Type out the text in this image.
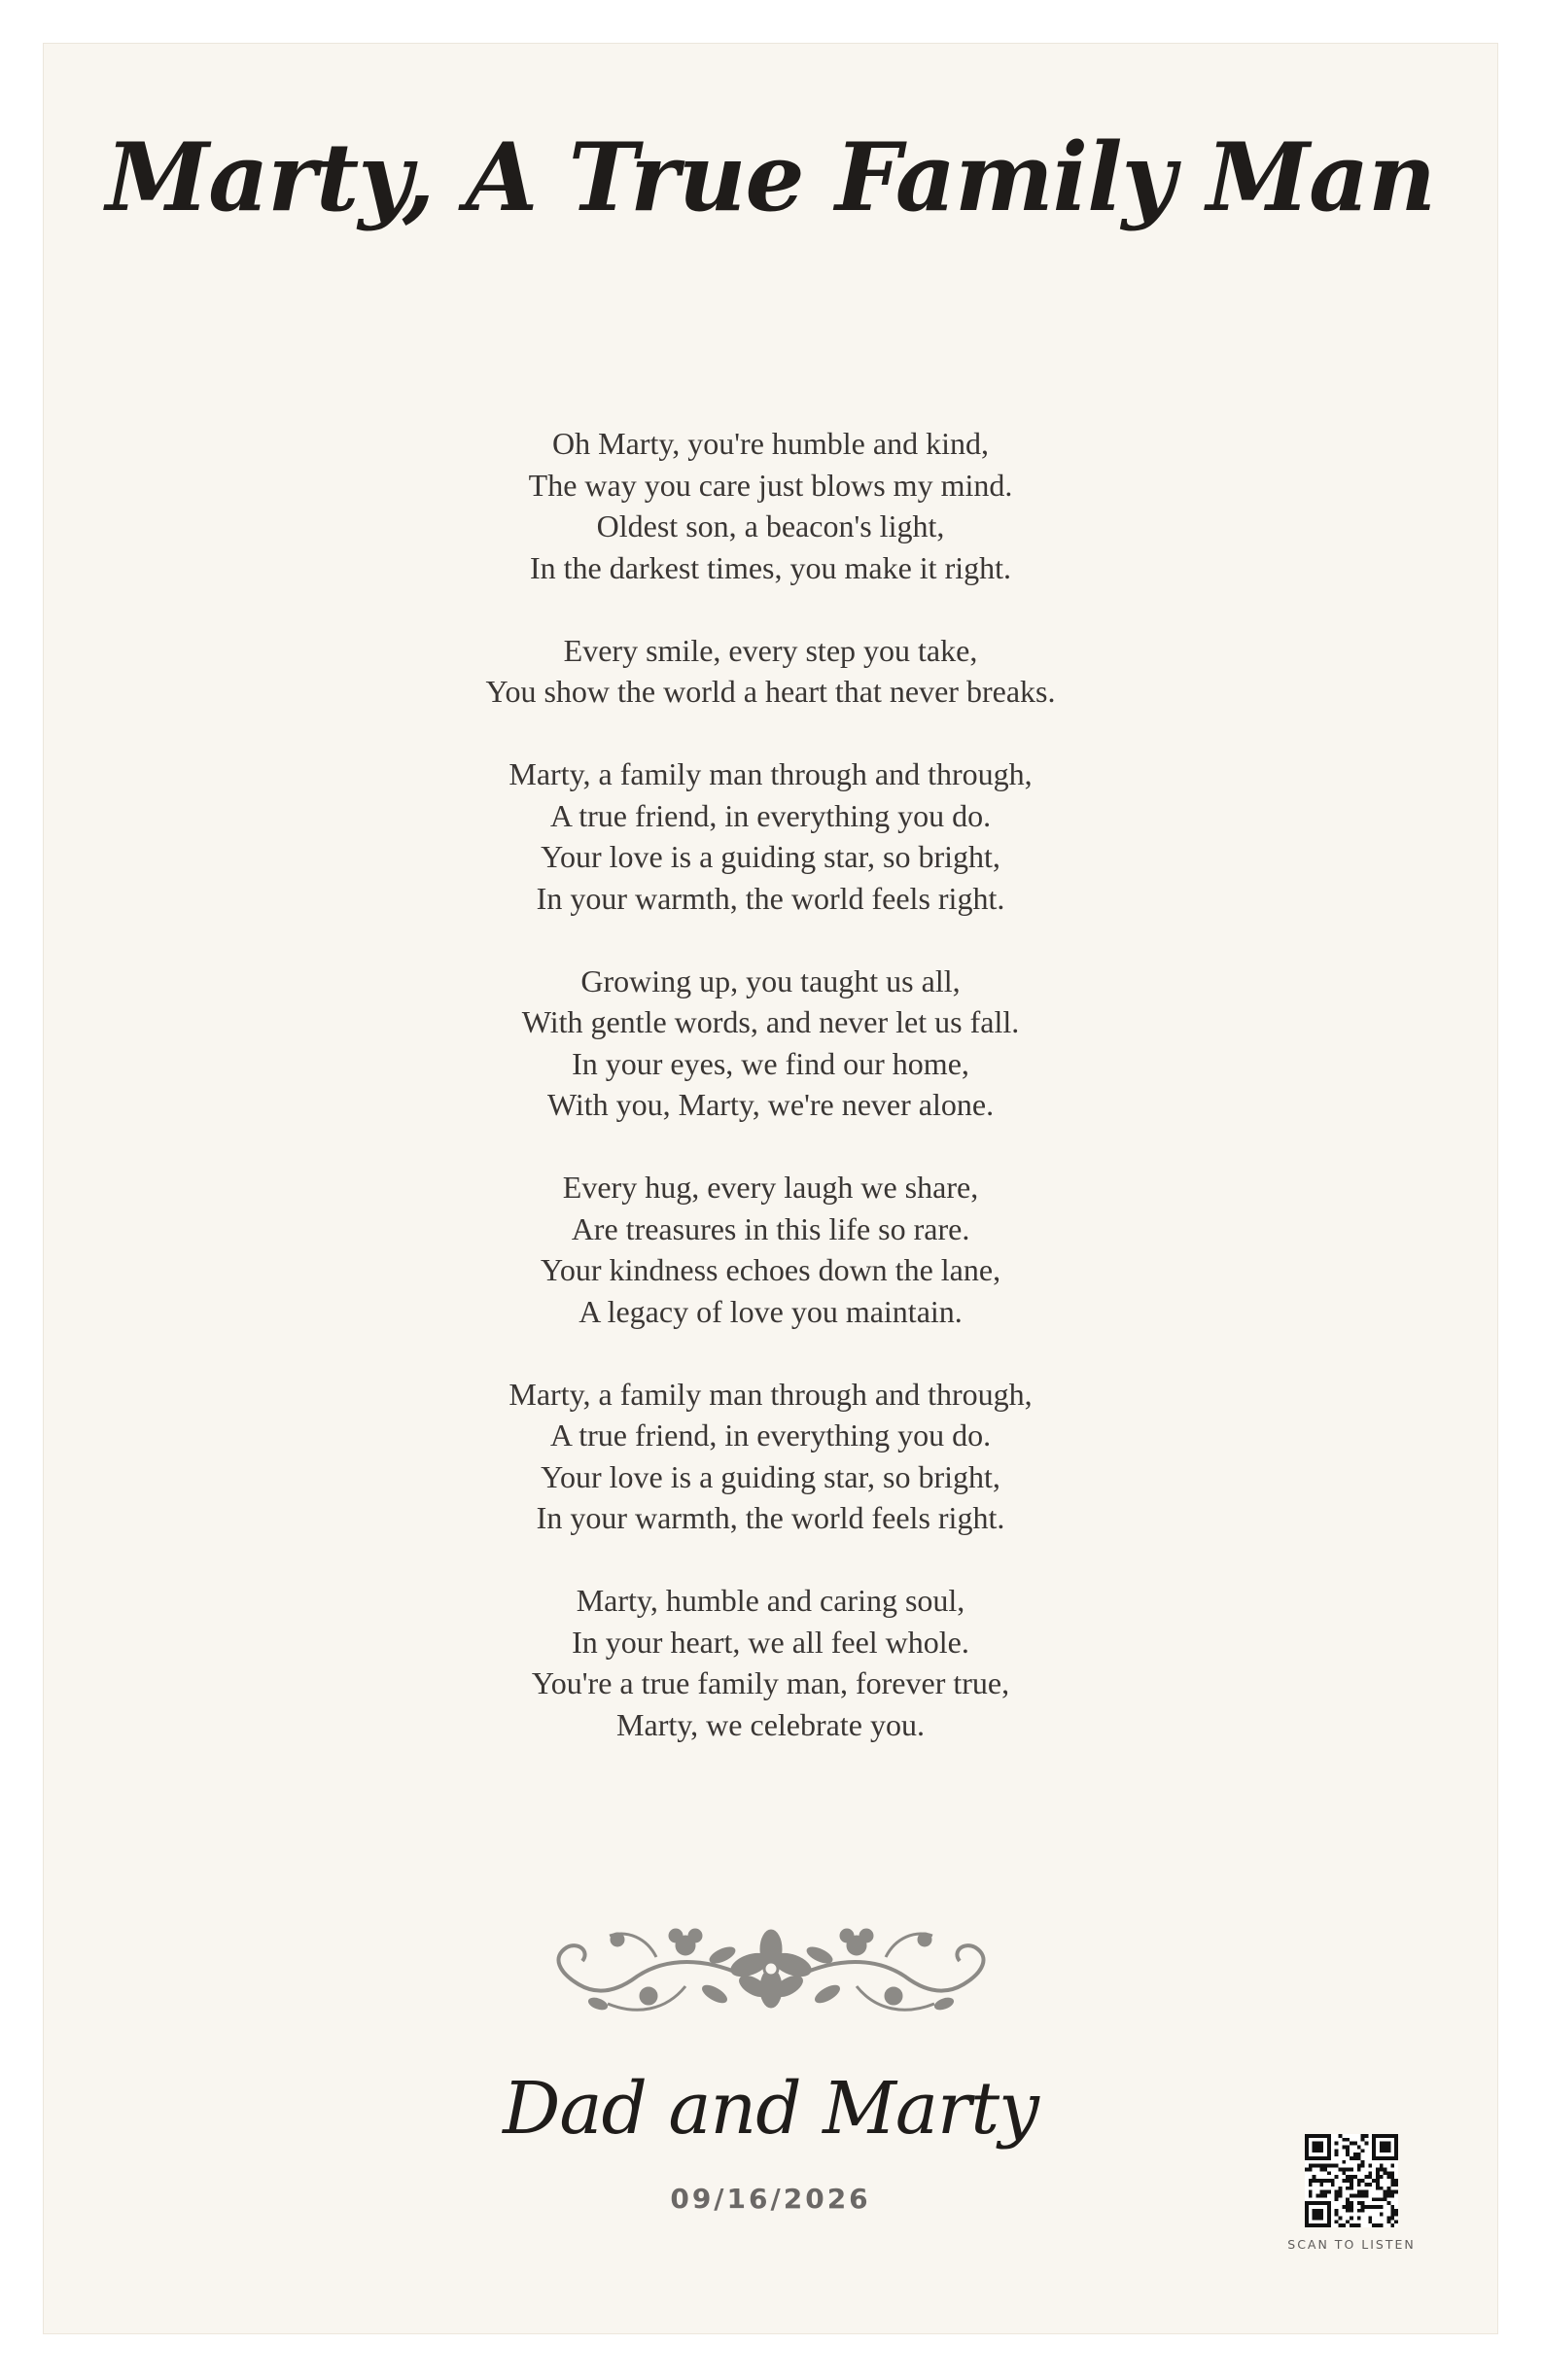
Marty, A True Family Man

Oh Marty, you're humble and kind,
The way you care just blows my mind.
Oldest son, a beacon's light,
In the darkest times, you make it right.

Every smile, every step you take,
You show the world a heart that never breaks.

Marty, a family man through and through,
A true friend, in everything you do.
Your love is a guiding star, so bright,
In your warmth, the world feels right.

Growing up, you taught us all,
With gentle words, and never let us fall.
In your eyes, we find our home,
With you, Marty, we're never alone.

Every hug, every laugh we share,
Are treasures in this life so rare.
Your kindness echoes down the lane,
A legacy of love you maintain.

Marty, a family man through and through,
A true friend, in everything you do.
Your love is a guiding star, so bright,
In your warmth, the world feels right.

Marty, humble and caring soul,
In your heart, we all feel whole.
You're a true family man, forever true,
Marty, we celebrate you.

Dad and Marty
09/16/2026
SCAN TO LISTEN
